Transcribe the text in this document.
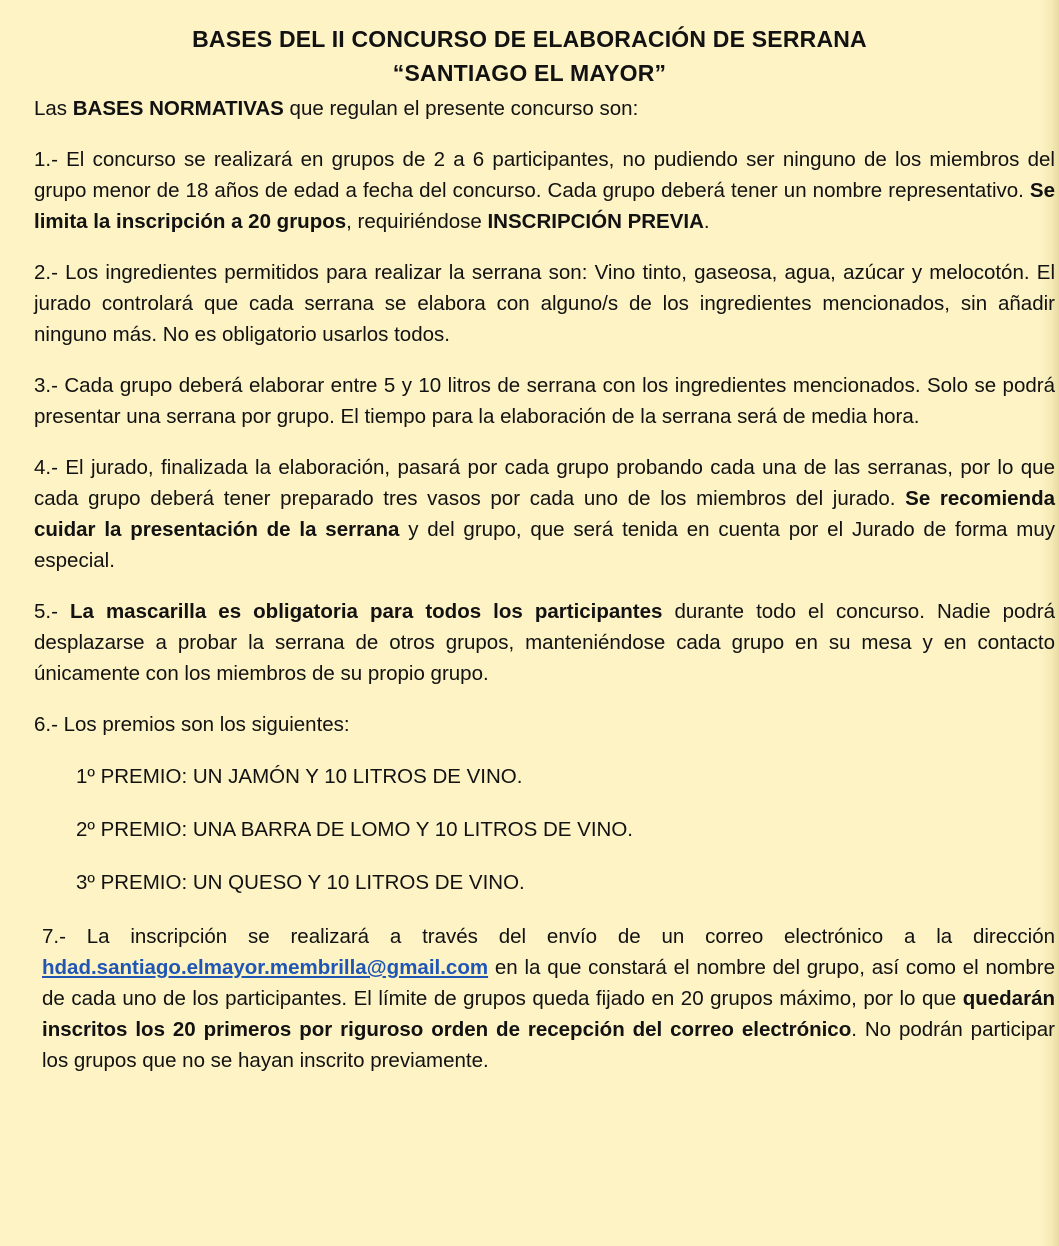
BASES DEL II CONCURSO DE ELABORACIÓN DE SERRANA
“SANTIAGO EL MAYOR”
Las BASES NORMATIVAS que regulan el presente concurso son:
1.- El concurso se realizará en grupos de 2 a 6 participantes, no pudiendo ser ninguno de los miembros del grupo menor de 18 años de edad a fecha del concurso. Cada grupo deberá tener un nombre representativo. Se limita la inscripción a 20 grupos, requiriéndose INSCRIPCIÓN PREVIA.
2.- Los ingredientes permitidos para realizar la serrana son: Vino tinto, gaseosa, agua, azúcar y melocotón. El jurado controlará que cada serrana se elabora con alguno/s de los ingredientes mencionados, sin añadir ninguno más. No es obligatorio usarlos todos.
3.- Cada grupo deberá elaborar entre 5 y 10 litros de serrana con los ingredientes mencionados. Solo se podrá presentar una serrana por grupo. El tiempo para la elaboración de la serrana será de media hora.
4.- El jurado, finalizada la elaboración, pasará por cada grupo probando cada una de las serranas, por lo que cada grupo deberá tener preparado tres vasos por cada uno de los miembros del jurado. Se recomienda cuidar la presentación de la serrana y del grupo, que será tenida en cuenta por el Jurado de forma muy especial.
5.- La mascarilla es obligatoria para todos los participantes durante todo el concurso. Nadie podrá desplazarse a probar la serrana de otros grupos, manteniéndose cada grupo en su mesa y en contacto únicamente con los miembros de su propio grupo.
6.- Los premios son los siguientes:
1º PREMIO: UN JAMÓN Y 10 LITROS DE VINO.
2º PREMIO: UNA BARRA DE LOMO Y 10 LITROS DE VINO.
3º PREMIO: UN QUESO Y 10 LITROS DE VINO.
7.- La inscripción se realizará a través del envío de un correo electrónico a la dirección hdad.santiago.elmayor.membrilla@gmail.com en la que constará el nombre del grupo, así como el nombre de cada uno de los participantes. El límite de grupos queda fijado en 20 grupos máximo, por lo que quedarán inscritos los 20 primeros por riguroso orden de recepción del correo electrónico. No podrán participar los grupos que no se hayan inscrito previamente.
